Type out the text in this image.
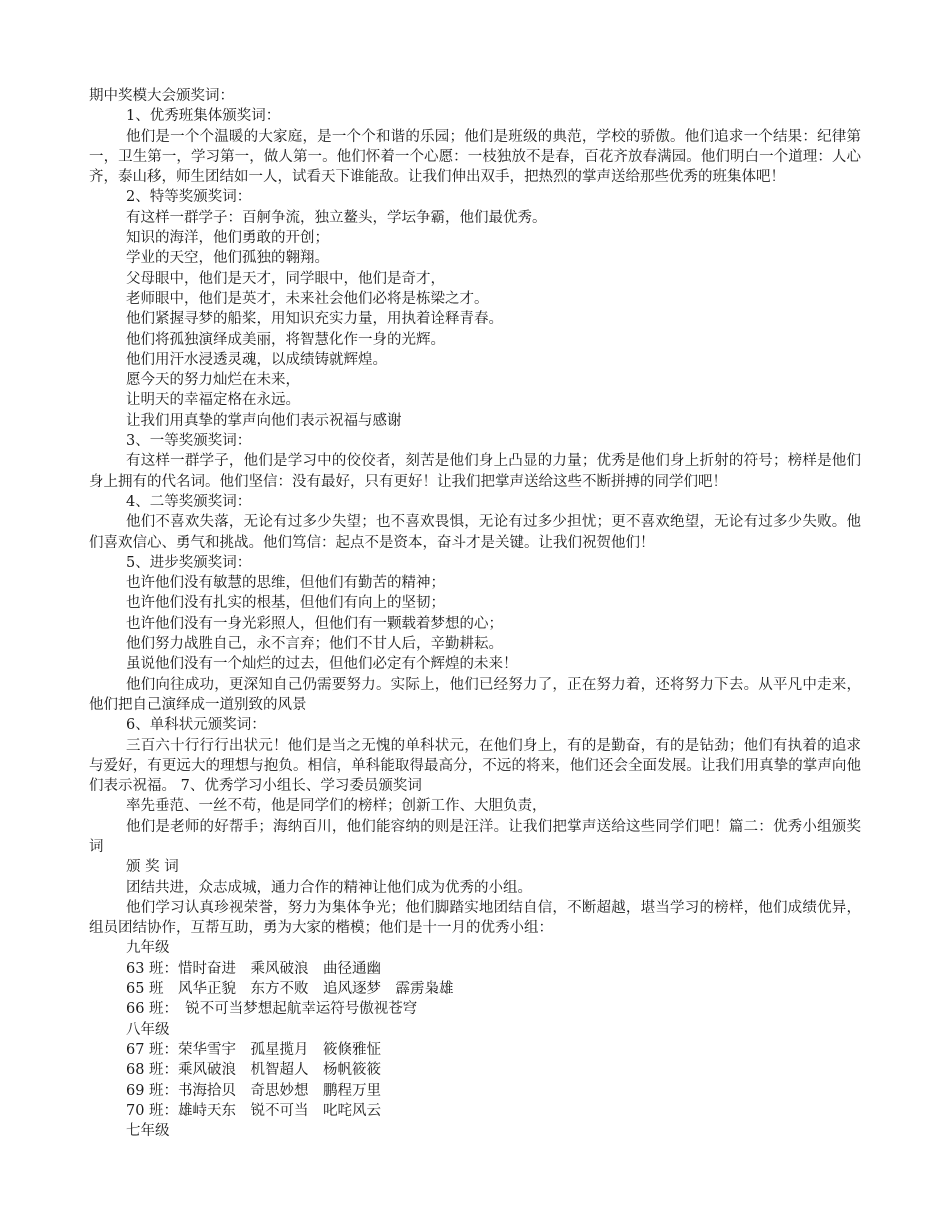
期中奖模大会颁奖词：
1、优秀班集体颁奖词：
他们是一个个温暖的大家庭，是一个个和谐的乐园；他们是班级的典范，学校的骄傲。他们追求一个结果：纪律第一，卫生第一，学习第一，做人第一。他们怀着一个心愿：一枝独放不是春，百花齐放春满园。他们明白一个道理：人心齐，泰山移，师生团结如一人，试看天下谁能敌。让我们伸出双手，把热烈的掌声送给那些优秀的班集体吧！
2、特等奖颁奖词：
有这样一群学子：百舸争流，独立鳌头，学坛争霸，他们最优秀。
知识的海洋，他们勇敢的开创；
学业的天空，他们孤独的翱翔。
父母眼中，他们是天才，同学眼中，他们是奇才，
老师眼中，他们是英才，未来社会他们必将是栋梁之才。
他们紧握寻梦的船桨，用知识充实力量，用执着诠释青春。
他们将孤独演绎成美丽，将智慧化作一身的光辉。
他们用汗水浸透灵魂，以成绩铸就辉煌。
愿今天的努力灿烂在未来，
让明天的幸福定格在永远。
让我们用真挚的掌声向他们表示祝福与感谢
3、一等奖颁奖词：
有这样一群学子，他们是学习中的佼佼者，刻苦是他们身上凸显的力量；优秀是他们身上折射的符号；榜样是他们身上拥有的代名词。他们坚信：没有最好，只有更好！让我们把掌声送给这些不断拼搏的同学们吧！
4、二等奖颁奖词：
他们不喜欢失落，无论有过多少失望；也不喜欢畏惧，无论有过多少担忧；更不喜欢绝望，无论有过多少失败。他们喜欢信心、勇气和挑战。他们笃信：起点不是资本，奋斗才是关键。让我们祝贺他们！
5、进步奖颁奖词：
也许他们没有敏慧的思维，但他们有勤苦的精神；
也许他们没有扎实的根基，但他们有向上的坚韧；
也许他们没有一身光彩照人，但他们有一颗载着梦想的心；
他们努力战胜自己，永不言弃；他们不甘人后，辛勤耕耘。
虽说他们没有一个灿烂的过去，但他们必定有个辉煌的未来！
他们向往成功，更深知自己仍需要努力。实际上，他们已经努力了，正在努力着，还将努力下去。从平凡中走来，他们把自己演绎成一道别致的风景
6、单科状元颁奖词：
三百六十行行行出状元！他们是当之无愧的单科状元，在他们身上，有的是勤奋，有的是钻劲；他们有执着的追求与爱好，有更远大的理想与抱负。相信，单科能取得最高分，不远的将来，他们还会全面发展。让我们用真挚的掌声向他们表示祝福。 7、优秀学习小组长、学习委员颁奖词
率先垂范、一丝不苟，他是同学们的榜样；创新工作、大胆负责，
他们是老师的好帮手；海纳百川，他们能容纳的则是汪洋。让我们把掌声送给这些同学们吧！篇二：优秀小组颁奖词
颁 奖 词
团结共进，众志成城，通力合作的精神让他们成为优秀的小组。
他们学习认真珍视荣誉，努力为集体争光；他们脚踏实地团结自信，不断超越，堪当学习的榜样，他们成绩优异，组员团结协作，互帮互助，勇为大家的楷模；他们是十一月的优秀小组：
九年级
63 班：惜时奋进　乘风破浪　曲径通幽
65 班　风华正貌　东方不败　追风逐梦　霹雳枭雄
66 班：　锐不可当梦想起航幸运符号傲视苍穹
八年级
67 班：荣华雪宇　孤星揽月　筱倏雅怔
68 班：乘风破浪　机智超人　杨帆筱筱
69 班：书海拾贝　奇思妙想　鹏程万里
70 班：雄峙天东　锐不可当　叱咤风云
七年级
